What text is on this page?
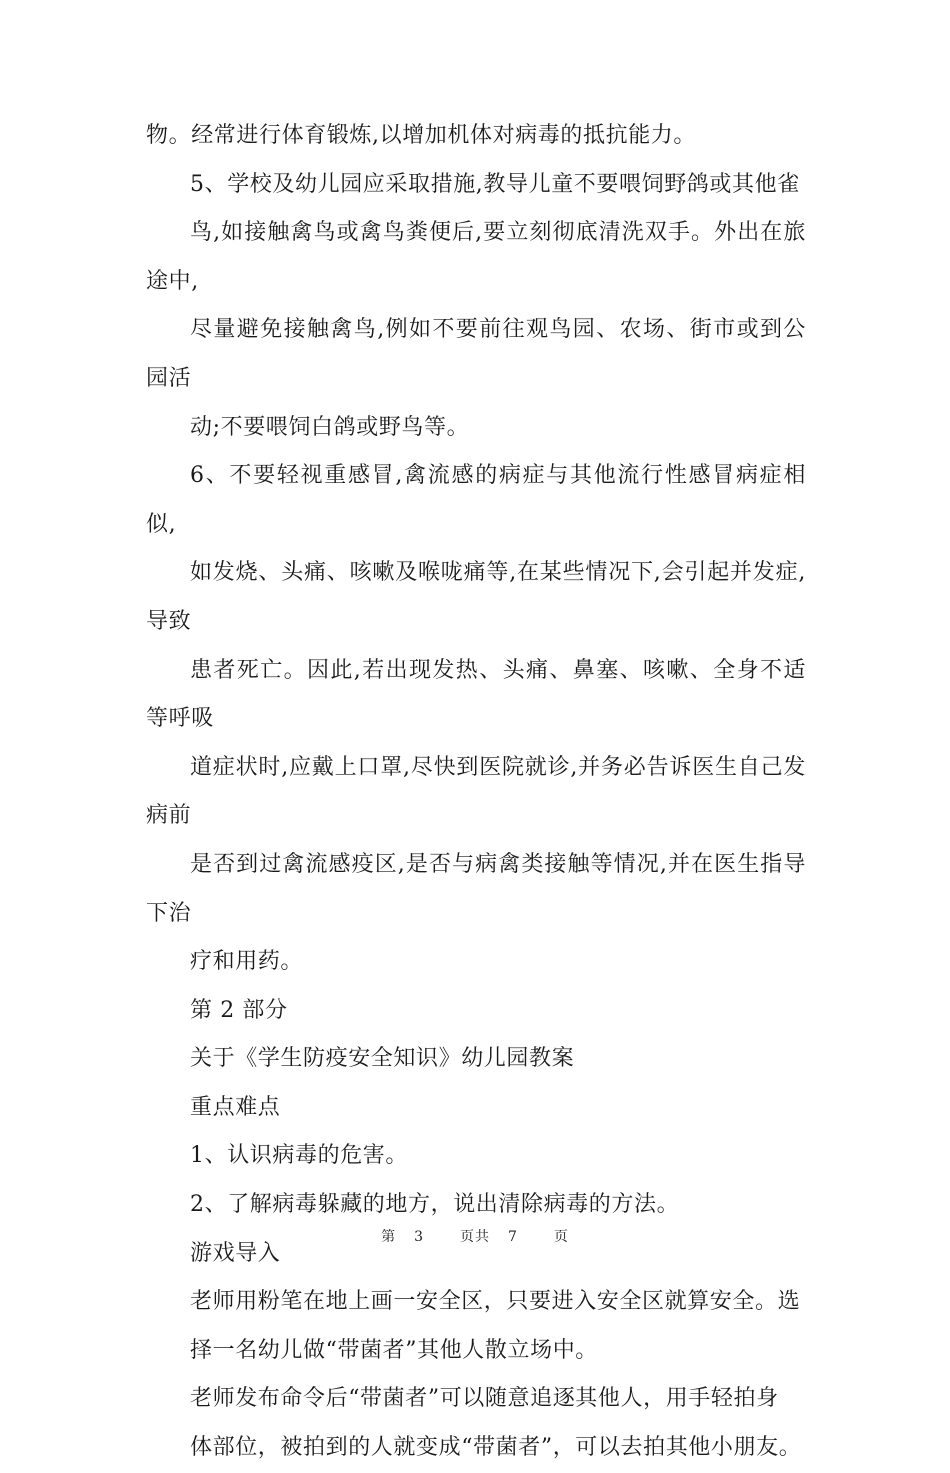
物。经常进行体育锻炼,以增加机体对病毒的抵抗能力。

5、学校及幼儿园应采取措施,教导儿童不要喂饲野鸽或其他雀
鸟,如接触禽鸟或禽鸟粪便后,要立刻彻底清洗双手。外出在旅途中,
尽量避免接触禽鸟,例如不要前往观鸟园、农场、街市或到公园活
动;不要喂饲白鸽或野鸟等。

6、不要轻视重感冒,禽流感的病症与其他流行性感冒病症相似,
如发烧、头痛、咳嗽及喉咙痛等,在某些情况下,会引起并发症,导致
患者死亡。因此,若出现发热、头痛、鼻塞、咳嗽、全身不适等呼吸
道症状时,应戴上口罩,尽快到医院就诊,并务必告诉医生自己发病前
是否到过禽流感疫区,是否与病禽类接触等情况,并在医生指导下治
疗和用药。

第 2 部分

关于《学生防疫安全知识》幼儿园教案

重点难点

1、认识病毒的危害。

2、了解病毒躲藏的地方，说出清除病毒的方法。

游戏导入

老师用粉笔在地上画一安全区，只要进入安全区就算安全。选
择一名幼儿做“带菌者”其他人散立场中。

老师发布命令后“带菌者”可以随意追逐其他人，用手轻拍身
体部位，被拍到的人就变成“带菌者”，可以去拍其他小朋友。

第 3	页共 7	页
